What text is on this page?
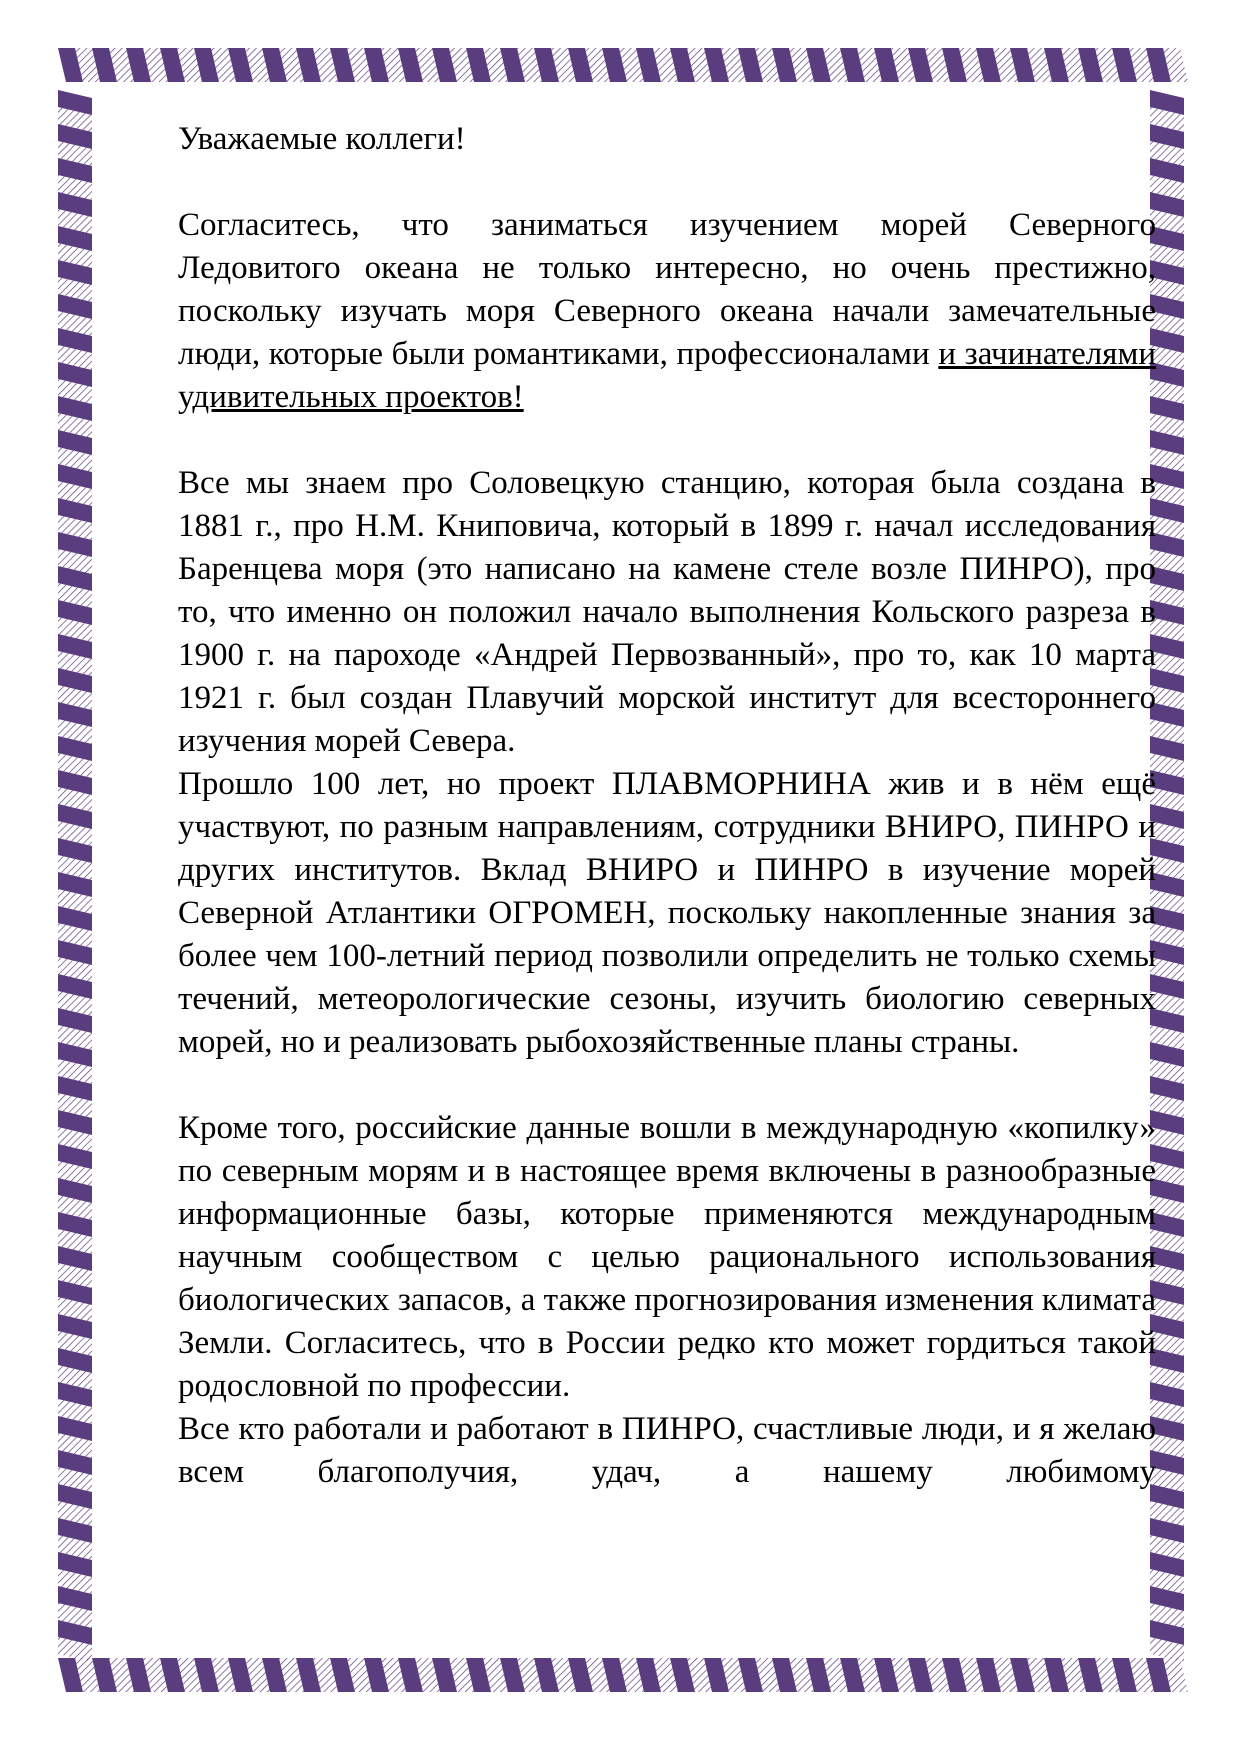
Уважаемые коллеги!

Согласитесь, что заниматься изучением морей Северного Ледовитого океана не только интересно, но очень престижно, поскольку изучать моря Северного океана начали замечательные люди, которые были романтиками, профессионалами и зачинателями удивительных проектов!

Все мы знаем про Соловецкую станцию, которая была создана в 1881 г., про Н.М. Книповича, который в 1899 г. начал исследования Баренцева моря (это написано на камене стеле возле ПИНРО), про то, что именно он положил начало выполнения Кольского разреза в 1900 г. на пароходе «Андрей Первозванный», про то, как 10 марта 1921 г. был создан Плавучий морской институт для всестороннего изучения морей Севера.

Прошло 100 лет, но проект ПЛАВМОРНИНА жив и в нём ещё участвуют, по разным направлениям, сотрудники ВНИРО, ПИНРО и других институтов. Вклад ВНИРО и ПИНРО в изучение морей Северной Атлантики ОГРОМЕН, поскольку накопленные знания за более чем 100-летний период позволили определить не только схемы течений, метеорологические сезоны, изучить биологию северных морей, но и реализовать рыбохозяйственные планы страны.

Кроме того, российские данные вошли в международную «копилку» по северным морям и в настоящее время включены в разнообразные информационные базы, которые применяются международным научным сообществом с целью рационального использования биологических запасов, а также прогнозирования изменения климата Земли. Согласитесь, что в России редко кто может гордиться такой родословной по профессии.

Все кто работали и работают в ПИНРО, счастливые люди, и я желаю всем благополучия, удач, а нашему любимому
